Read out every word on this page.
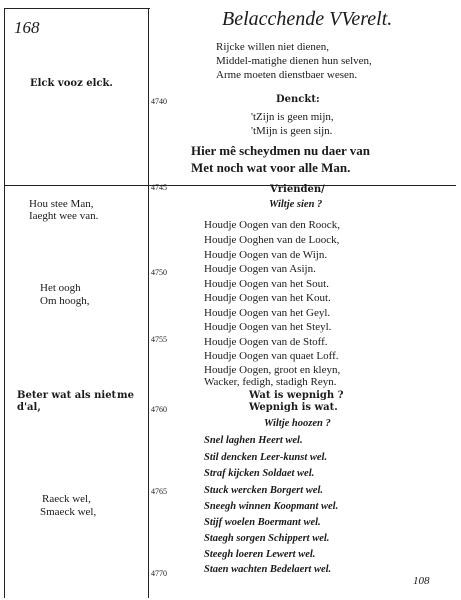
168	Belacchende VVerelt.
Rijcke willen niet dienen,
Middel-matighe dienen hun selven,
Arme moeten dienstbaer wesen.
Elck vooz elck.
Hou stee Man,
Iaeght wee van.
Het oogh
Om hoogh,
Beter wat als niet me
d'al,
Raeck wel,
Smaeck wel,
4740
4745
4750
4755
4760
4765
4770
Denckt:
'tZijn is geen mijn,
'tMijn is geen sijn.
Hier mê scheydmen nu daer van
Met noch wat voor alle Man.
Vrienden/
Wiltje sien ?
Houdje Oogen van den Roock,
Houdje Ooghen van de Loock,
Houdje Oogen van de Wijn.
Houdje Oogen van Asijn.
Houdje Oogen van het Sout.
Houdje Oogen van het Kout.
Houdje Oogen van het Geyl.
Houdje Oogen van het Steyl.
Houdje Oogen van de Stoff.
Houdje Oogen van quaet Loff.
Houdje Oogen, groot en kleyn,
Wacker, fedigh, stadigh Reyn.
Wat is wepnigh ?
Wepnigh is wat.
Wiltje hoozen ?
Snel laghen Heert wel.
Stil dencken Leer-kunst wel.
Straf kijcken Soldaet wel.
Stuck wercken Borgert wel.
Sneegh winnen Koopmant wel.
Stijf woelen Boermant wel.
Staegh sorgen Schippert wel.
Steegh loeren Lewert wel.
Staen wachten Bedelaert wel.
108
